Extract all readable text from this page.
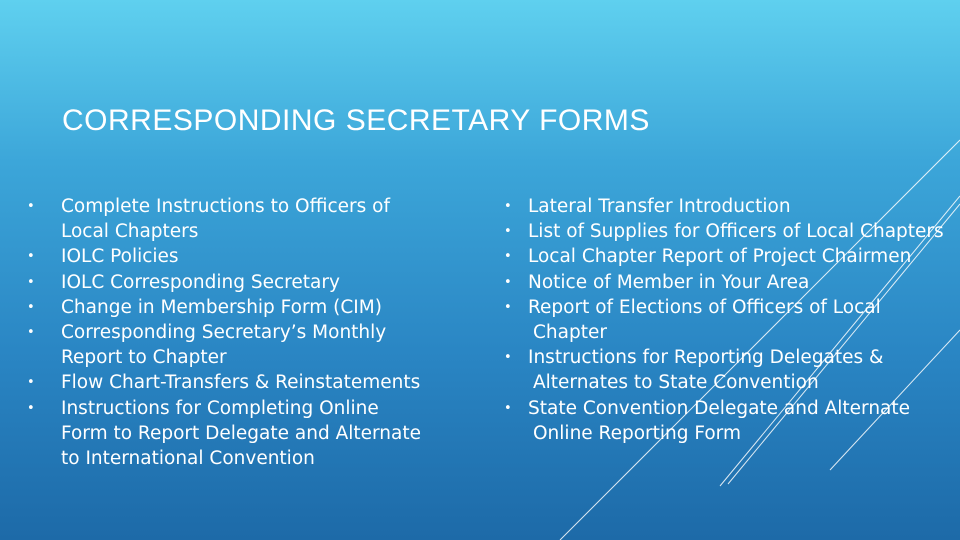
CORRESPONDING SECRETARY FORMS
• Complete Instructions to Officers of Local Chapters
• IOLC Policies
• IOLC Corresponding Secretary
• Change in Membership Form (CIM)
• Corresponding Secretary’s Monthly Report to Chapter
• Flow Chart-Transfers & Reinstatements
• Instructions for Completing Online Form to Report Delegate and Alternate to International Convention
• Lateral Transfer Introduction
• List of Supplies for Officers of Local Chapters
• Local Chapter Report of Project Chairmen
• Notice of Member in Your Area
• Report of Elections of Officers of Local
Chapter
• Instructions for Reporting Delegates &
Alternates to State Convention
• State Convention Delegate and Alternate
Online Reporting Form
